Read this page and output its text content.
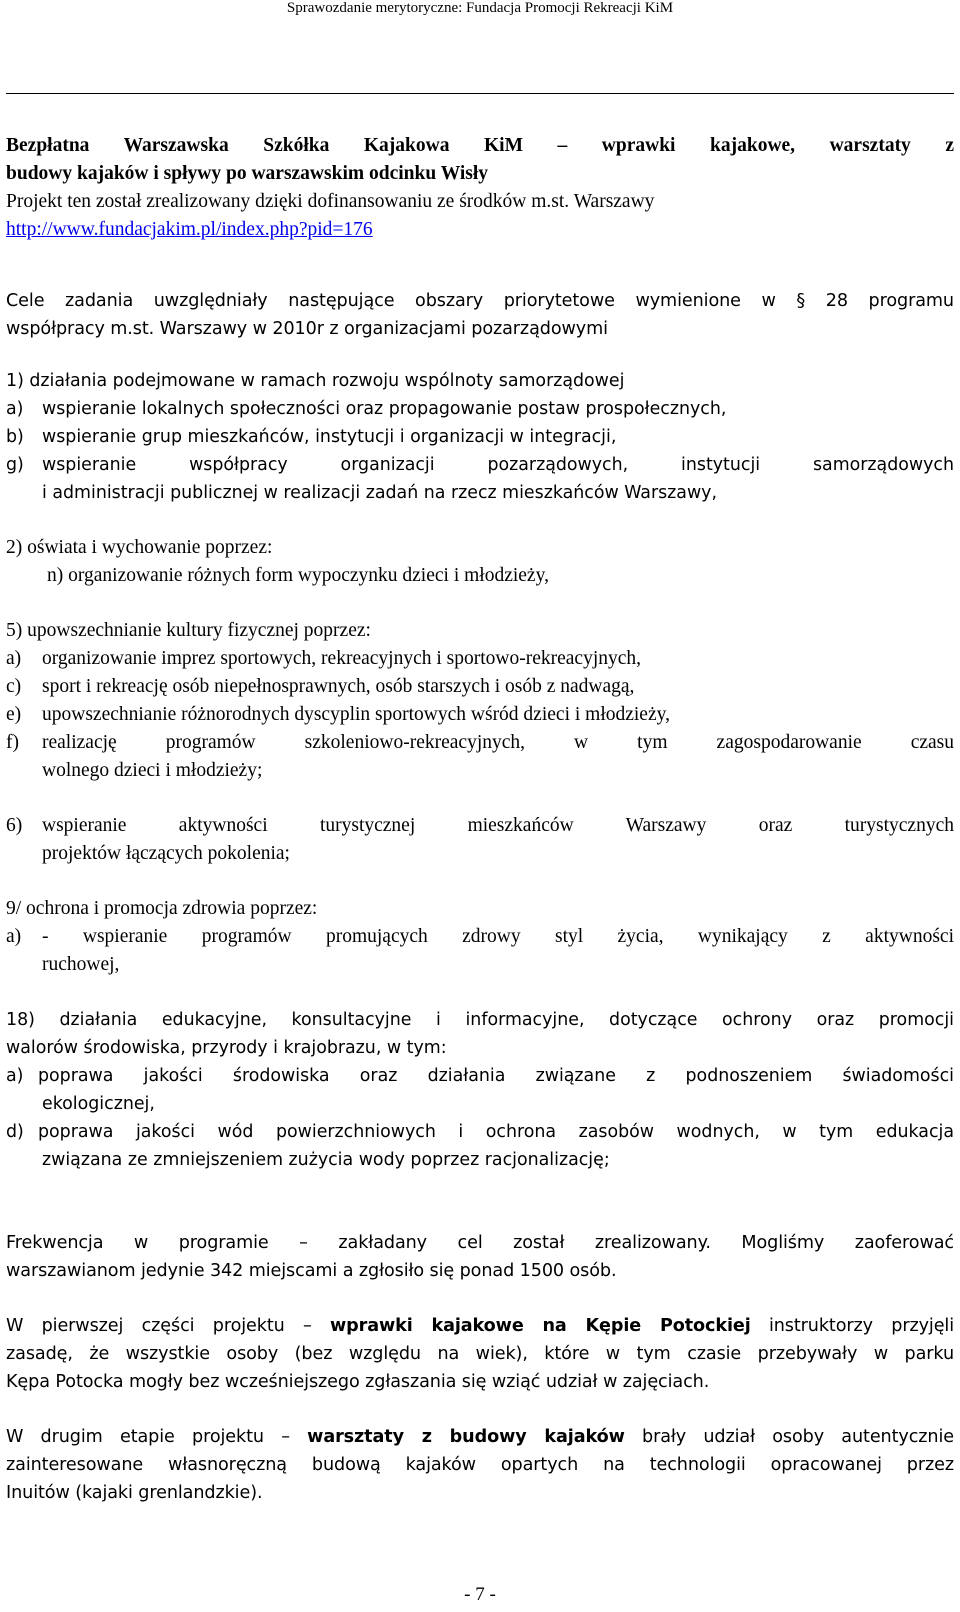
Sprawozdanie merytoryczne: Fundacja Promocji Rekreacji KiM
Bezpłatna Warszawska Szkółka Kajakowa KiM – wprawki kajakowe, warsztaty z
budowy kajaków i spływy po warszawskim odcinku Wisły
Projekt ten został zrealizowany dzięki dofinansowaniu ze środków m.st. Warszawy
http://www.fundacjakim.pl/index.php?pid=176
Cele zadania uwzględniały następujące obszary priorytetowe wymienione w § 28 programu
współpracy m.st. Warszawy w 2010r z organizacjami pozarządowymi
1) działania podejmowane w ramach rozwoju wspólnoty samorządowej
a)	wspieranie lokalnych społeczności oraz propagowanie postaw prospołecznych,
b)	wspieranie grup mieszkańców, instytucji i organizacji w integracji,
g)	wspieranie współpracy organizacji pozarządowych, instytucji samorządowych
i administracji publicznej w realizacji zadań na rzecz mieszkańców Warszawy,
2) oświata i wychowanie poprzez:
n) organizowanie różnych form wypoczynku dzieci i młodzieży,
5) upowszechnianie kultury fizycznej poprzez:
a)	organizowanie imprez sportowych, rekreacyjnych i sportowo-rekreacyjnych,
c)	sport i rekreację osób niepełnosprawnych, osób starszych i osób z nadwagą,
e)	upowszechnianie różnorodnych dyscyplin sportowych wśród dzieci i młodzieży,
f)	realizację programów szkoleniowo-rekreacyjnych, w tym zagospodarowanie czasu
wolnego dzieci i młodzieży;
6)	wspieranie aktywności turystycznej mieszkańców Warszawy oraz turystycznych
projektów łączących pokolenia;
9/ ochrona i promocja zdrowia poprzez:
a)	- wspieranie programów promujących zdrowy styl życia, wynikający z aktywności
ruchowej,
18) działania edukacyjne, konsultacyjne i informacyjne, dotyczące ochrony oraz promocji
walorów środowiska, przyrody i krajobrazu, w tym:
a) poprawa jakości środowiska oraz działania związane z podnoszeniem świadomości
ekologicznej,
d) poprawa jakości wód powierzchniowych i ochrona zasobów wodnych, w tym edukacja
związana ze zmniejszeniem zużycia wody poprzez racjonalizację;
Frekwencja w programie – zakładany cel został zrealizowany. Mogliśmy zaoferować
warszawianom jedynie 342 miejscami a zgłosiło się ponad 1500 osób.
W pierwszej części projektu – wprawki kajakowe na Kępie Potockiej instruktorzy przyjęli
zasadę, że wszystkie osoby (bez względu na wiek), które w tym czasie przebywały w parku
Kępa Potocka mogły bez wcześniejszego zgłaszania się wziąć udział w zajęciach.
W drugim etapie projektu – warsztaty z budowy kajaków brały udział osoby autentycznie
zainteresowane własnoręczną budową kajaków opartych na technologii opracowanej przez
Inuitów (kajaki grenlandzkie).
- 7 -
